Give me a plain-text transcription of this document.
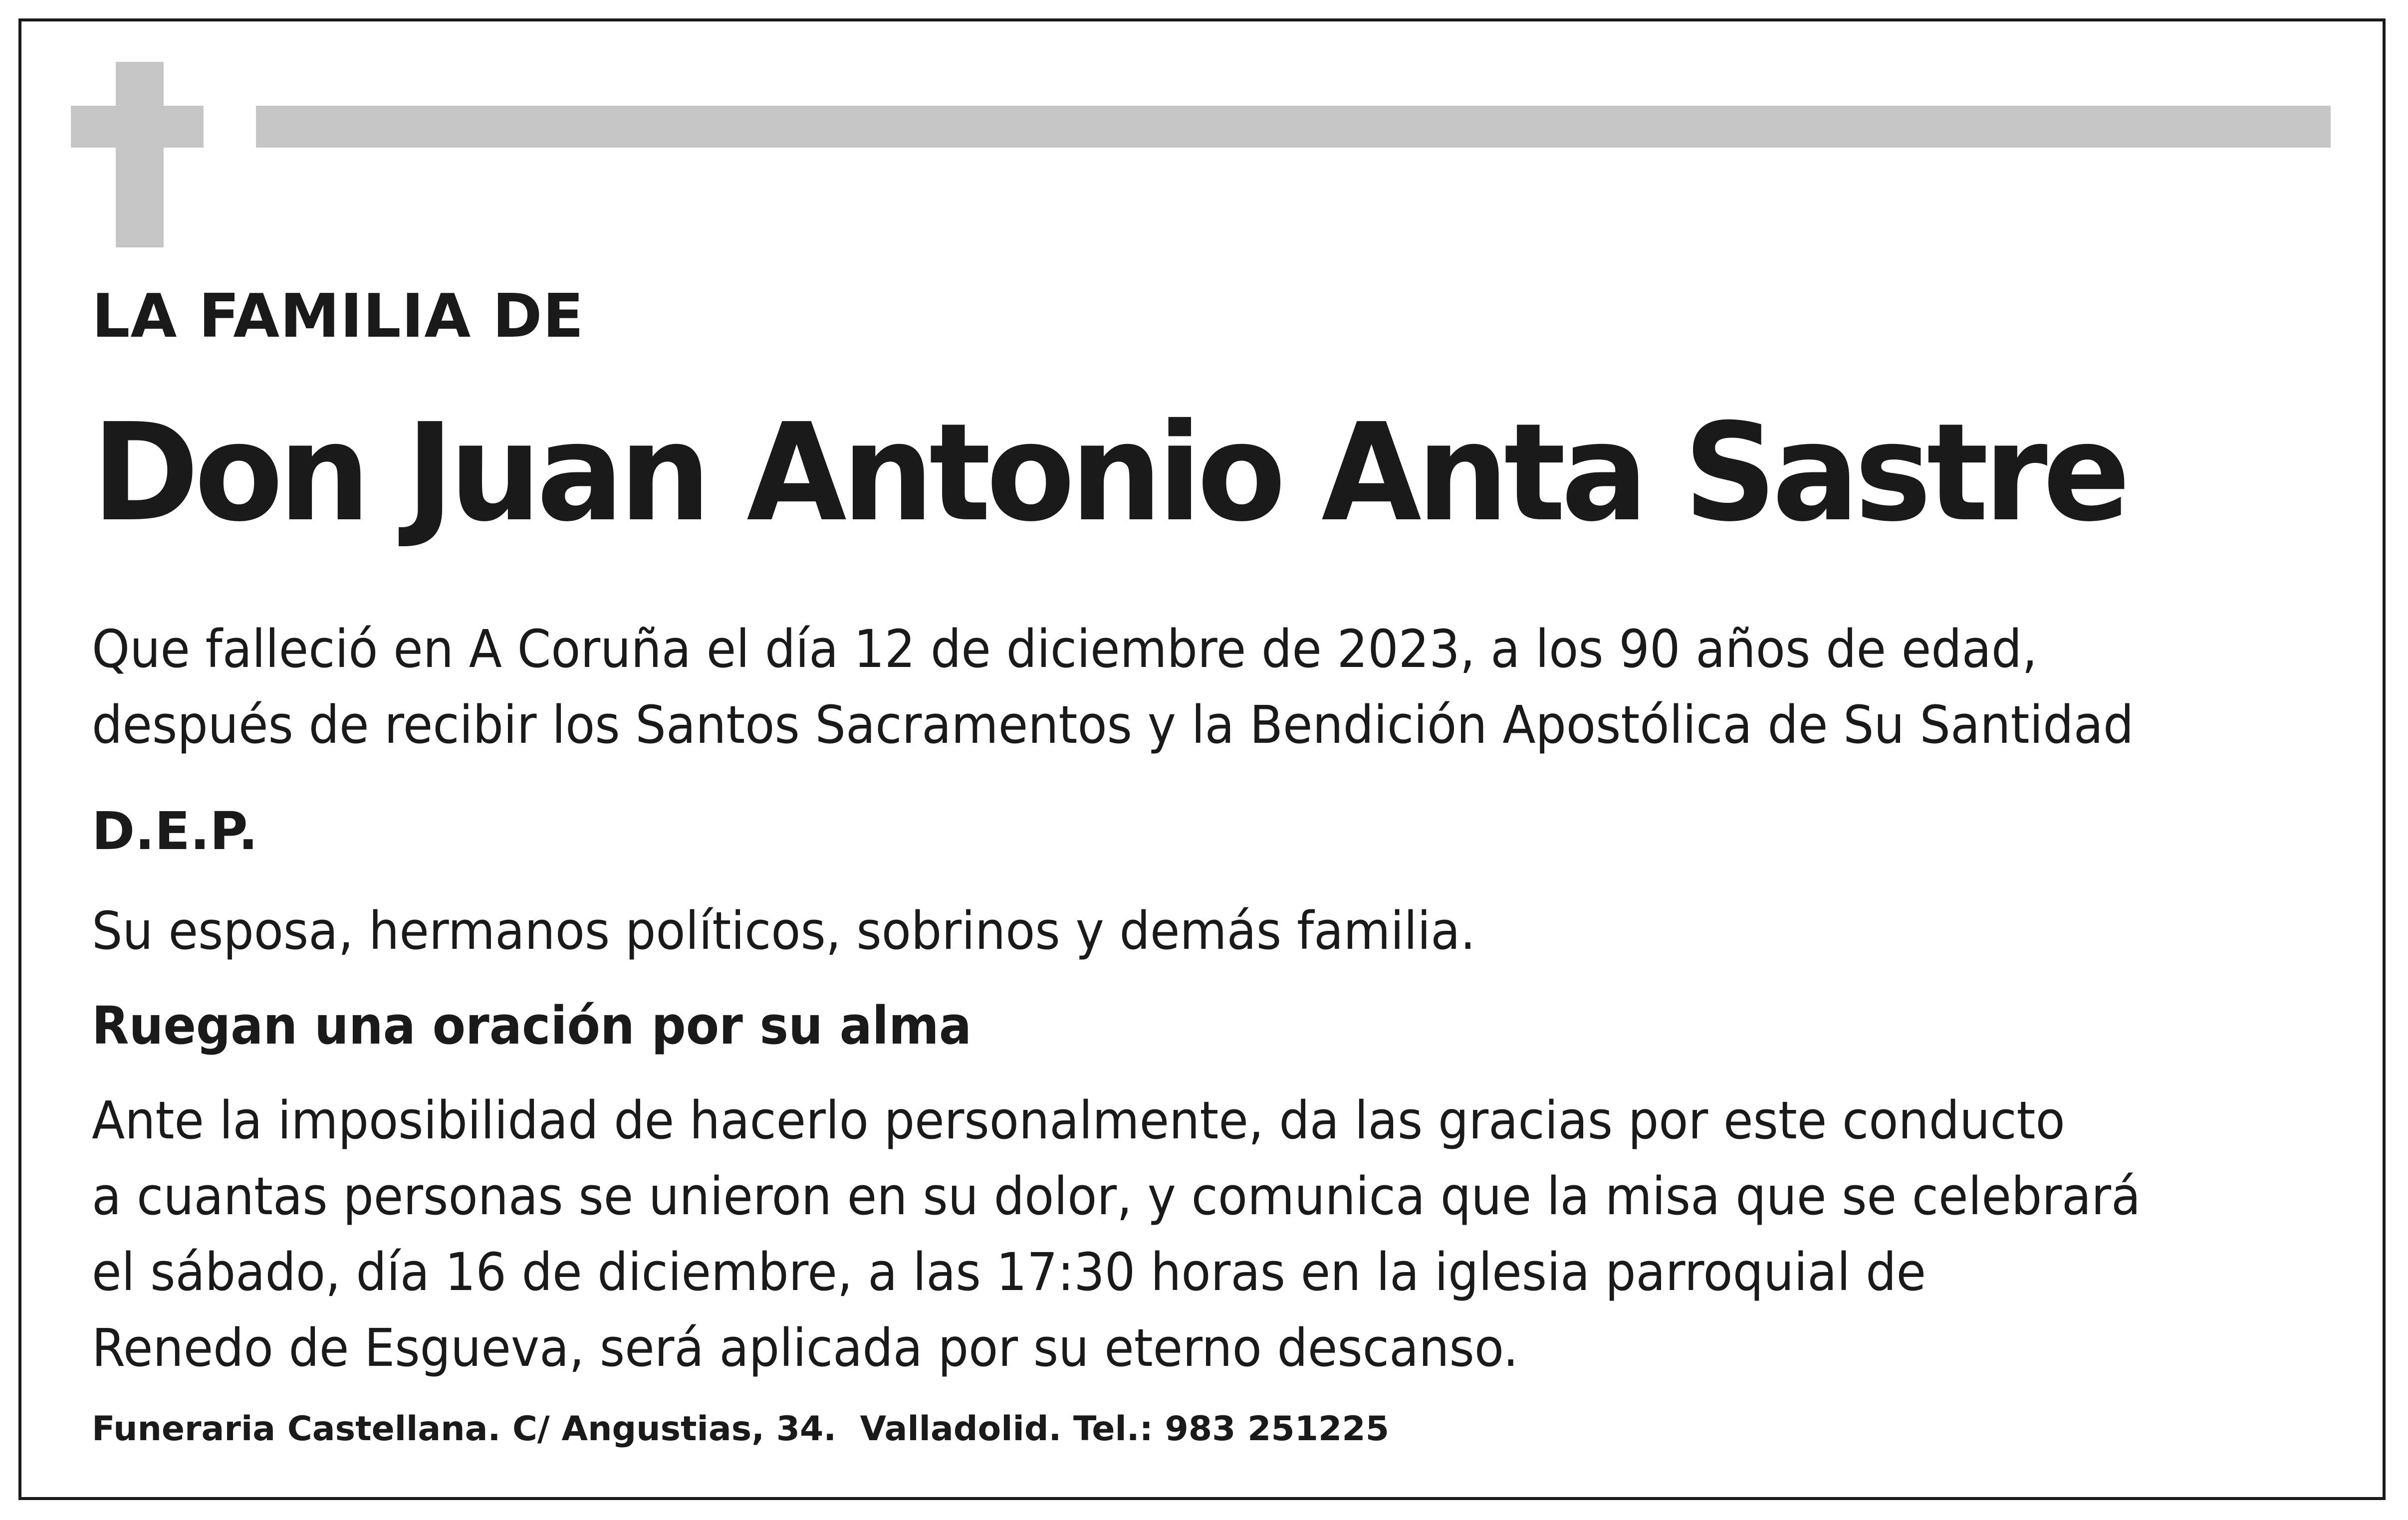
LA FAMILIA DE

Don Juan Antonio Anta Sastre
Que falleció en A Coruña el día 12 de diciembre de 2023, a los 90 años de edad,
después de recibir los Santos Sacramentos y la Bendición Apostólica de Su Santidad

D.E.P.

Su esposa, hermanos políticos, sobrinos y demás familia.

Ruegan una oración por su alma

Ante la imposibilidad de hacerlo personalmente, da las gracias por este conducto
a cuantas personas se unieron en su dolor, y comunica que la misa que se celebrará
el sábado, día 16 de diciembre, a las 17:30 horas en la iglesia parroquial de
Renedo de Esgueva, será aplicada por su eterno descanso.

Funeraria Castellana. C/ Angustias, 34.  Valladolid. Tel.: 983 251225
